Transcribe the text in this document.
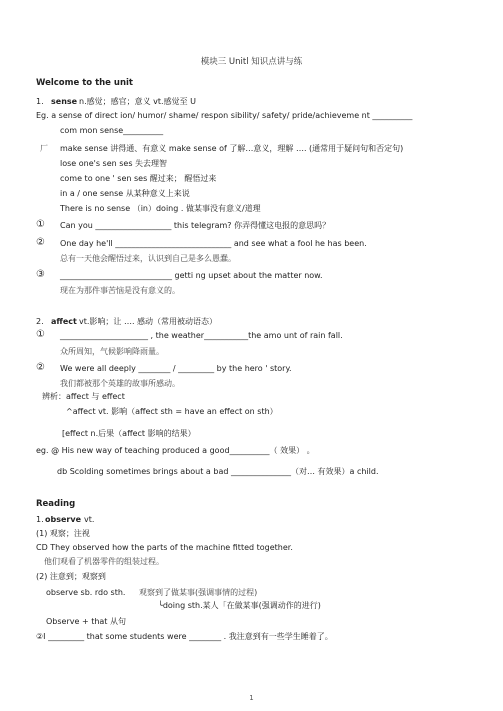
模块三 Unitl 知识点讲与练
Welcome to the unit
1. sense n.感觉；感官；意义 vt.感觉至 U
Eg. a sense of direct ion/ humor/ shame/ respon sibility/ safety/ pride/achieveme nt __________
com mon sense__________
厂 make sense 讲得通、有意义 make sense of 了解…意义，理解 …. (通常用于疑问句和否定句)
lose one's sen ses 失去理智
come to one ' sen ses 醒过来； 醒悟过来
in a / one sense 从某种意义上来说
There is no sense （in）doing . 做某事没有意义/道理
① Can you ___________________ this telegram? 你弄得懂这电报的意思吗？
② One day he'll _____________________________ and see what a fool he has been.
总有一天他会醒悟过来，认识到自己是多么愚蠢。
③ ____________________________ getti ng upset about the matter now.
现在为那件事苦恼是没有意义的。
2. affect vt.影响；让 …. 感动（常用被动语态）
① ______________________ , the weather___________the amo unt of rain fall.
众所周知，气候影响降雨量。
② We were all deeply ________ / _________ by the hero ' story.
我们都被那个英雄的故事所感动。
辨析：affect 与 effect
^affect vt. 影响（affect sth = have an effect on sth）
[effect n.后果（affect 影响的结果）
eg. @ His new way of teaching produced a good__________（ 效果） 。
db Scolding sometimes brings about a bad _______________（对… 有效果）a child.
Reading
1. observe vt.
(1) 观察；注视
CD They observed how the parts of the machine fitted together.
他们观看了机器零件的组装过程。
(2) 注意到；观察到
observe sb. rdo sth. 观察到了做某事(强调事情的过程)
╰doing sth.某人「在做某事(强调动作的进行)
Observe + that 从句
②I _________ that some students were ________ . 我注意到有一些学生睡着了。
1
